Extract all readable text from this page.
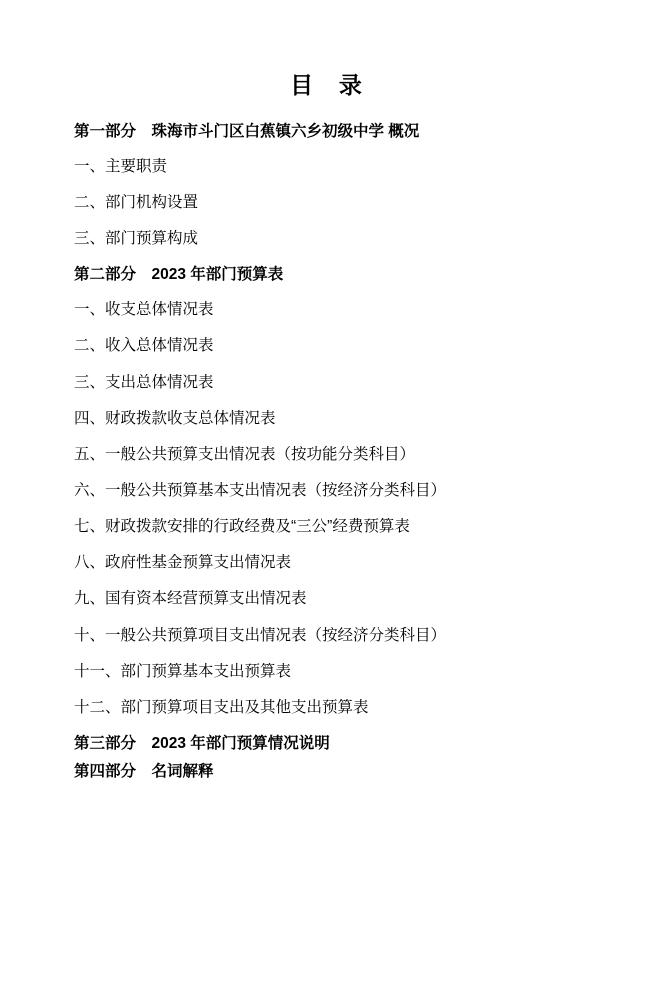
目 录
第一部分　珠海市斗门区白蕉镇六乡初级中学 概况
一、主要职责
二、部门机构设置
三、部门预算构成
第二部分　2023 年部门预算表
一、收支总体情况表
二、收入总体情况表
三、支出总体情况表
四、财政拨款收支总体情况表
五、一般公共预算支出情况表（按功能分类科目）
六、一般公共预算基本支出情况表（按经济分类科目）
七、财政拨款安排的行政经费及“三公”经费预算表
八、政府性基金预算支出情况表
九、国有资本经营预算支出情况表
十、一般公共预算项目支出情况表（按经济分类科目）
十一、部门预算基本支出预算表
十二、部门预算项目支出及其他支出预算表
第三部分　2023 年部门预算情况说明
第四部分　名词解释
